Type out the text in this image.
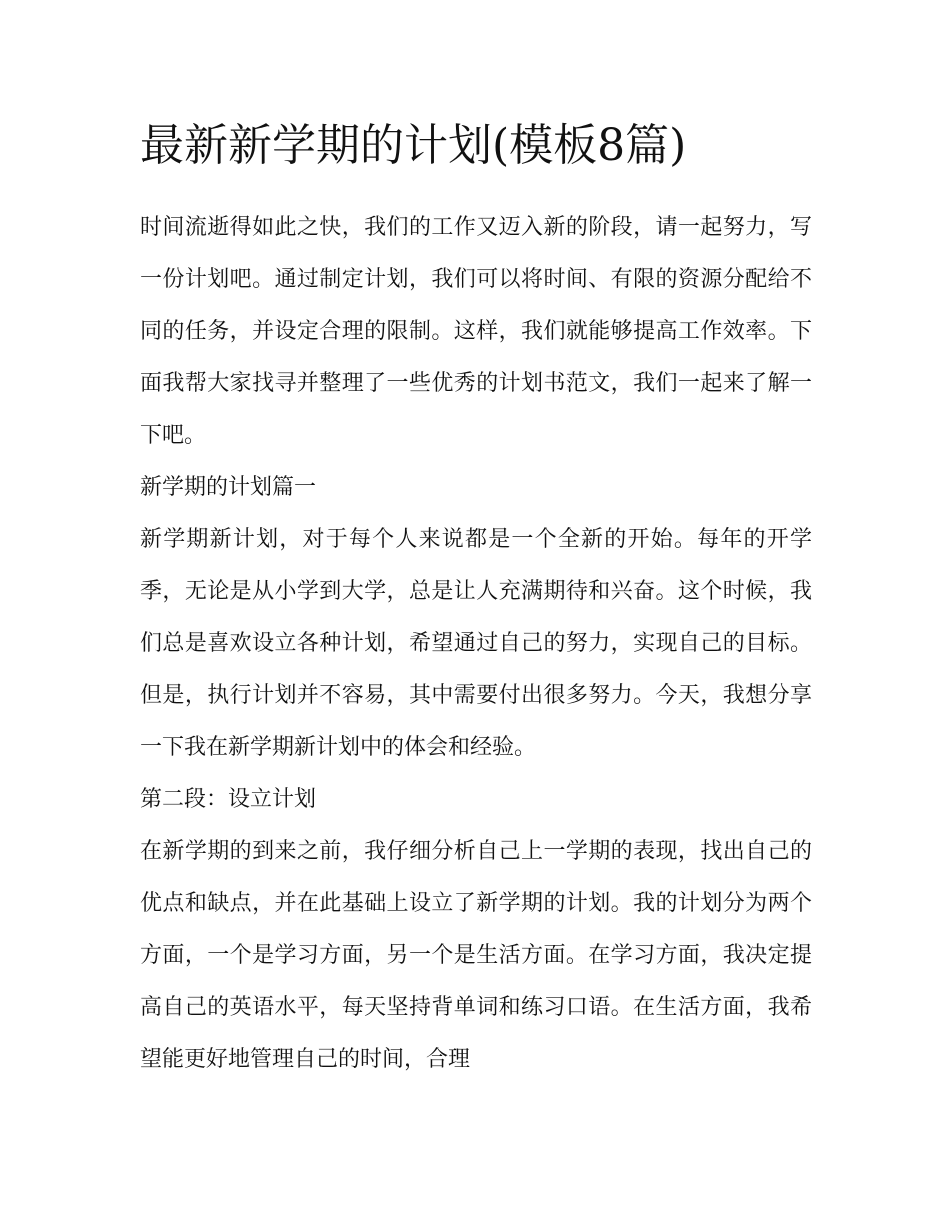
最新新学期的计划(模板8篇)

时间流逝得如此之快，我们的工作又迈入新的阶段，请一起努力，写一份计划吧。通过制定计划，我们可以将时间、有限的资源分配给不同的任务，并设定合理的限制。这样，我们就能够提高工作效率。下面我帮大家找寻并整理了一些优秀的计划书范文，我们一起来了解一下吧。

新学期的计划篇一

新学期新计划，对于每个人来说都是一个全新的开始。每年的开学季，无论是从小学到大学，总是让人充满期待和兴奋。这个时候，我们总是喜欢设立各种计划，希望通过自己的努力，实现自己的目标。但是，执行计划并不容易，其中需要付出很多努力。今天，我想分享一下我在新学期新计划中的体会和经验。

第二段：设立计划

在新学期的到来之前，我仔细分析自己上一学期的表现，找出自己的优点和缺点，并在此基础上设立了新学期的计划。我的计划分为两个方面，一个是学习方面，另一个是生活方面。在学习方面，我决定提高自己的英语水平，每天坚持背单词和练习口语。在生活方面，我希望能更好地管理自己的时间，合理
